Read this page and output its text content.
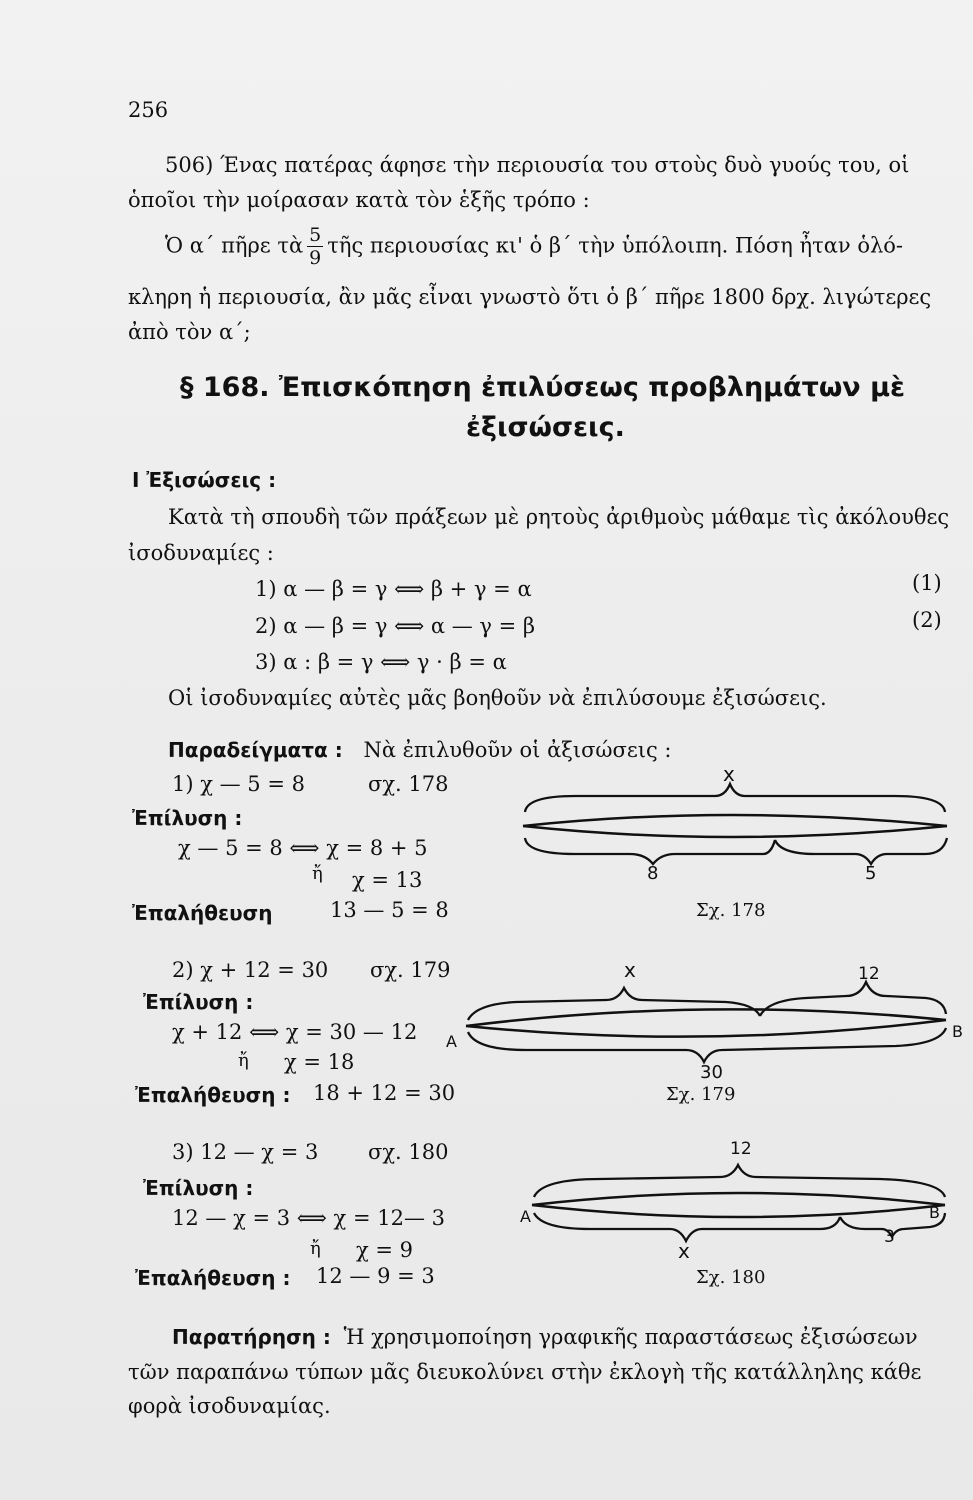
256
506) Ένας πατέρας άφησε τὴν περιουσία του στοὺς δυὸ γυούς του, οἱ
ὁποῖοι τὴν μοίρασαν κατὰ τὸν ἑξῆς τρόπο :
Ὁ α΄ πῆρε τὰ $\frac{5}{9}$ τῆς περιουσίας κι' ὁ β΄ τὴν ὑπόλοιπη. Πόση ἦταν ὁλό-
κληρη ἡ περιουσία, ἂν μᾶς εἶναι γνωστὸ ὅτι ὁ β΄ πῆρε 1800 δρχ. λιγώτερες
ἀπὸ τὸν α΄;
§ 168. Ἐπισκόπηση ἐπιλύσεως προβλημάτων μὲ
ἐξισώσεις.
Ι Ἐξισώσεις :
Κατὰ τὴ σπουδὴ τῶν πράξεων μὲ ρητοὺς ἀριθμοὺς μάθαμε τὶς ἀκόλουθες
ἰσοδυναμίες :
1) α — β = γ ⟺ β + γ = α	(1)
2) α — β = γ ⟺ α — γ = β	(2)
3) α : β = γ ⟺ γ · β = α
Οἱ ἰσοδυναμίες αὐτὲς μᾶς βοηθοῦν νὰ ἐπιλύσουμε ἐξισώσεις.
Παραδείγματα : Νὰ ἐπιλυθοῦν οἱ ἀξισώσεις :
1) χ — 5 = 8	σχ. 178
Ἐπίλυση :
χ — 5 = 8 ⟺ χ = 8 + 5
ἤ χ = 13
Ἐπαλήθευση	13 — 5 = 8
x
8	5
Σχ. 178
2) χ + 12 = 30 σχ. 179
Ἐπίλυση :
χ + 12 ⟺ χ = 30 — 12
ἤ χ = 18
Ἐπαλήθευση : 18 + 12 = 30
x	12
A
B
30
Σχ. 179
3) 12 — χ = 3 σχ. 180
Ἐπίλυση :
12 — χ = 3 ⟺ χ = 12— 3
ἤ χ = 9
Ἐπαλήθευση : 12 — 9 = 3
12
A	B
3
x
Σχ. 180
Παρατήρηση : Ἡ χρησιμοποίηση γραφικῆς παραστάσεως ἐξισώσεων
τῶν παραπάνω τύπων μᾶς διευκολύνει στὴν ἐκλογὴ τῆς κατάλληλης κάθε
φορὰ ἰσοδυναμίας.
